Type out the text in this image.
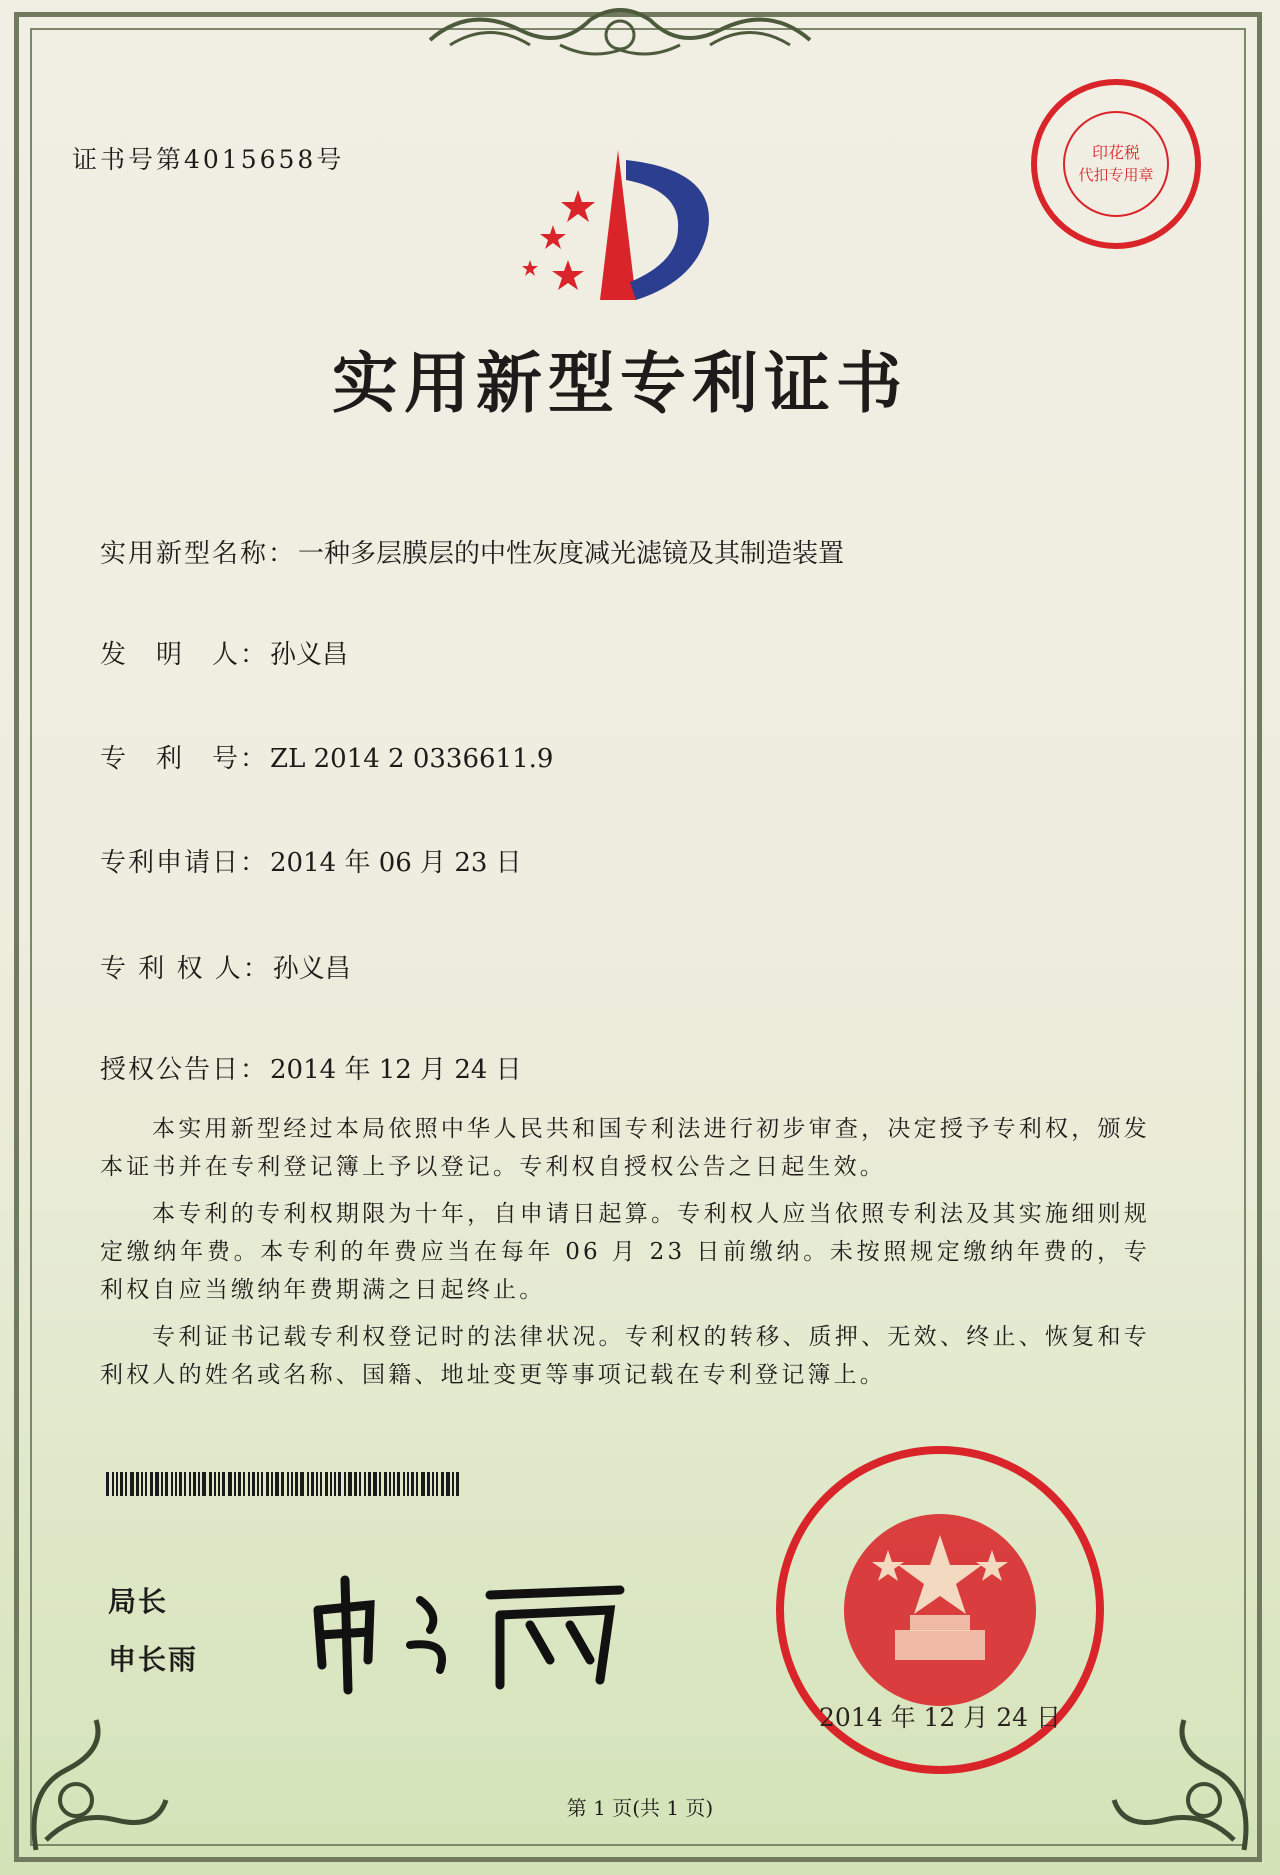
证书号第4015658号	印花税
代扣专用章
实用新型专利证书
实用新型名称：一种多层膜层的中性灰度减光滤镜及其制造装置
发　明　人：孙义昌
专　利　号：ZL 2014 2 0336611.9
专利申请日：2014 年 06 月 23 日
专 利 权 人：孙义昌
授权公告日：2014 年 12 月 24 日
本实用新型经过本局依照中华人民共和国专利法进行初步审查，决定授予专利权，颁发本证书并在专利登记簿上予以登记。专利权自授权公告之日起生效。
本专利的专利权期限为十年，自申请日起算。专利权人应当依照专利法及其实施细则规定缴纳年费。本专利的年费应当在每年 06 月 23 日前缴纳。未按照规定缴纳年费的，专利权自应当缴纳年费期满之日起终止。
专利证书记载专利权登记时的法律状况。专利权的转移、质押、无效、终止、恢复和专利权人的姓名或名称、国籍、地址变更等事项记载在专利登记簿上。
局长
申长雨
2014 年 12 月 24 日
第 1 页(共 1 页)
